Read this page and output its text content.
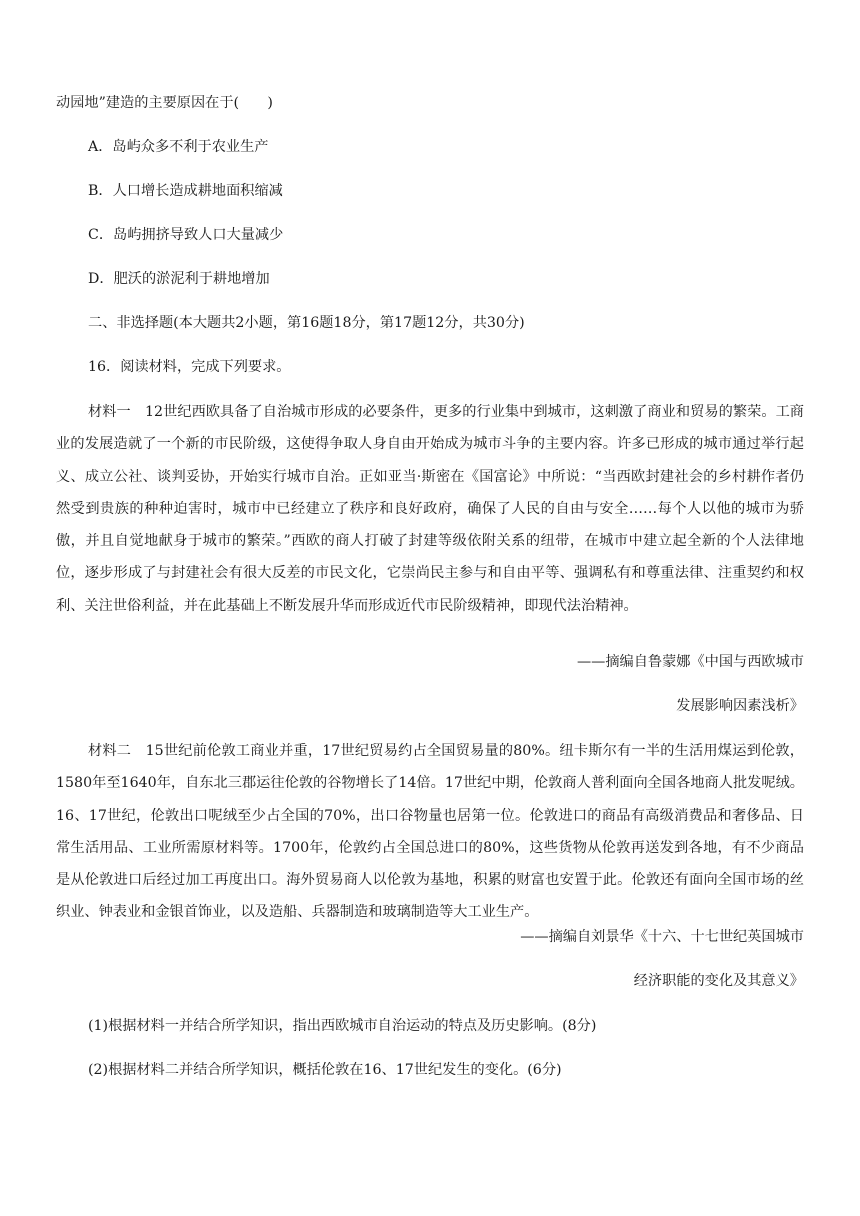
动园地”建造的主要原因在于(　　)
A．岛屿众多不利于农业生产
B．人口增长造成耕地面积缩减
C．岛屿拥挤导致人口大量减少
D．肥沃的淤泥利于耕地增加
二、非选择题(本大题共2小题，第16题18分，第17题12分，共30分)
16．阅读材料，完成下列要求。
材料一　12世纪西欧具备了自治城市形成的必要条件，更多的行业集中到城市，这刺激了商业和贸易的繁荣。工商业的发展造就了一个新的市民阶级，这使得争取人身自由开始成为城市斗争的主要内容。许多已形成的城市通过举行起义、成立公社、谈判妥协，开始实行城市自治。正如亚当·斯密在《国富论》中所说：“当西欧封建社会的乡村耕作者仍然受到贵族的种种迫害时，城市中已经建立了秩序和良好政府，确保了人民的自由与安全……每个人以他的城市为骄傲，并且自觉地献身于城市的繁荣。”西欧的商人打破了封建等级依附关系的纽带，在城市中建立起全新的个人法律地位，逐步形成了与封建社会有很大反差的市民文化，它崇尚民主参与和自由平等、强调私有和尊重法律、注重契约和权利、关注世俗利益，并在此基础上不断发展升华而形成近代市民阶级精神，即现代法治精神。
——摘编自鲁蒙娜《中国与西欧城市
发展影响因素浅析》
材料二　15世纪前伦敦工商业并重，17世纪贸易约占全国贸易量的80%。纽卡斯尔有一半的生活用煤运到伦敦，1580年至1640年，自东北三郡运往伦敦的谷物增长了14倍。17世纪中期，伦敦商人普利面向全国各地商人批发呢绒。16、17世纪，伦敦出口呢绒至少占全国的70%，出口谷物量也居第一位。伦敦进口的商品有高级消费品和奢侈品、日常生活用品、工业所需原材料等。1700年，伦敦约占全国总进口的80%，这些货物从伦敦再送发到各地，有不少商品是从伦敦进口后经过加工再度出口。海外贸易商人以伦敦为基地，积累的财富也安置于此。伦敦还有面向全国市场的丝织业、钟表业和金银首饰业，以及造船、兵器制造和玻璃制造等大工业生产。
——摘编自刘景华《十六、十七世纪英国城市
经济职能的变化及其意义》
(1)根据材料一并结合所学知识，指出西欧城市自治运动的特点及历史影响。(8分)
(2)根据材料二并结合所学知识，概括伦敦在16、17世纪发生的变化。(6分)
